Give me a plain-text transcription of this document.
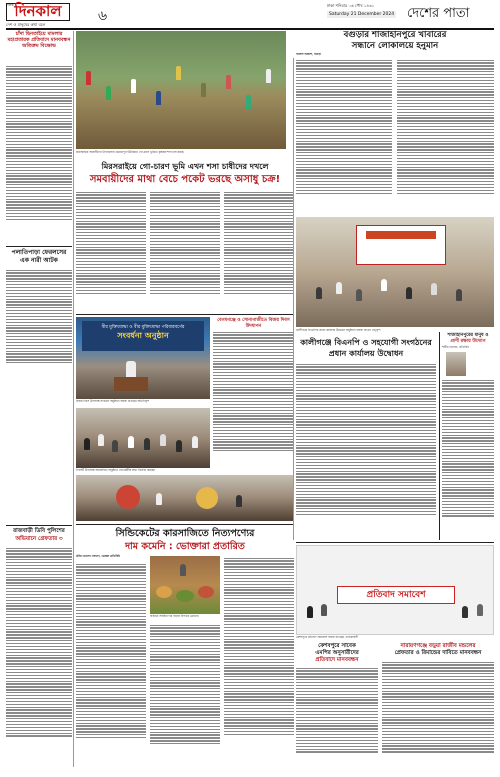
দিনকাল
দৈনিক
দেশ ও মানুষের কথা বলে
৬
ঢাকা শনিবার ০৬ পৌষ ১৪৩১
Saturday 21 December 2024 দেশের পাতা
চাঁদা ছিনতাইয়ে মামলার মহাপ্রতারক প্রতিবাদে মানববন্ধন অতিক্রম বিক্ষোভ
পলাতিপাড়া ফেরলসের
এক নারী আটক
মিরসরাইয়ে সমবায়ীদের উপজেলার ওচমানপুর ইউনিয়নে গো-চারণ ভূমিতে কৃষকরা শসা চাষ করছে
বগুড়ার শাজাহানপুরে খাবারের
সন্ধানে লোকালয়ে হনুমান
আসাদ আকাশ, বগুড়া
মিরসরাইয়ে গো-চারণ ভূমি এখন শসা চাষীদের দখলে
সমবায়ীদের মাথা বেচে পকেট ভরছে অসাধু চক্র!
কালীগঞ্জে বিএনপির প্রধান কার্যালয় উদ্বোধন অনুষ্ঠানে বক্তব্য রাখেন নেতৃবৃন্দ
কালীগঞ্জে বিএনপি ও সহযোগী সংগঠনের
প্রধান কার্যালয় উদ্বোধন
শাজাহানপুরের মানুষ ও
প্রাণী রক্ষায় উদ্যোগ
শামীম হোসেন, প্রতিনিধি
বীর মুক্তিযোদ্ধা ও বীর মুক্তিযোদ্ধা পরিবারবর্গের
সংবর্ধনা অনুষ্ঠান
বিজয় দিবস উপলক্ষে সংবর্ধনা অনুষ্ঠানে বক্তব্য রাখছেন অতিথিবৃন্দ
বেগমগঞ্জে ও সোনাগাজীতে বিজয় দিবস উদযাপন
দিবসটি উপলক্ষে আয়োজিত অনুষ্ঠানে নেতাকর্মীরা শ্রদ্ধা নিবেদন করছেন
রাজবাড়ী ডিবি পুলিশের
অভিযানে গ্রেফতার ৩
প্রতিবাদ সমাবেশ
কেশবপুরে প্রতিবাদ সমাবেশে বক্তব্য রাখছেন এলাকাবাসী
কেশবপুরে সাবেক
এমপির অনুসারীদের
প্রতিবাদে মানববন্ধন
নারায়ণগঞ্জে বড়ুয়া রাজীব মন্ডলের
প্রেফতার ও রিমান্ডের দাবিতে মানববন্ধন
সিন্ডিকেটের কারসাজিতে নিত্যপণ্যের
দাম কমেনি : ভোক্তারা প্রতারিত
মনির হোসেন সোহাগ, ভোক্তা প্রতিনিধি
বাজারে সবজির দাম বাড়ায় বিপাকে ক্রেতারা
